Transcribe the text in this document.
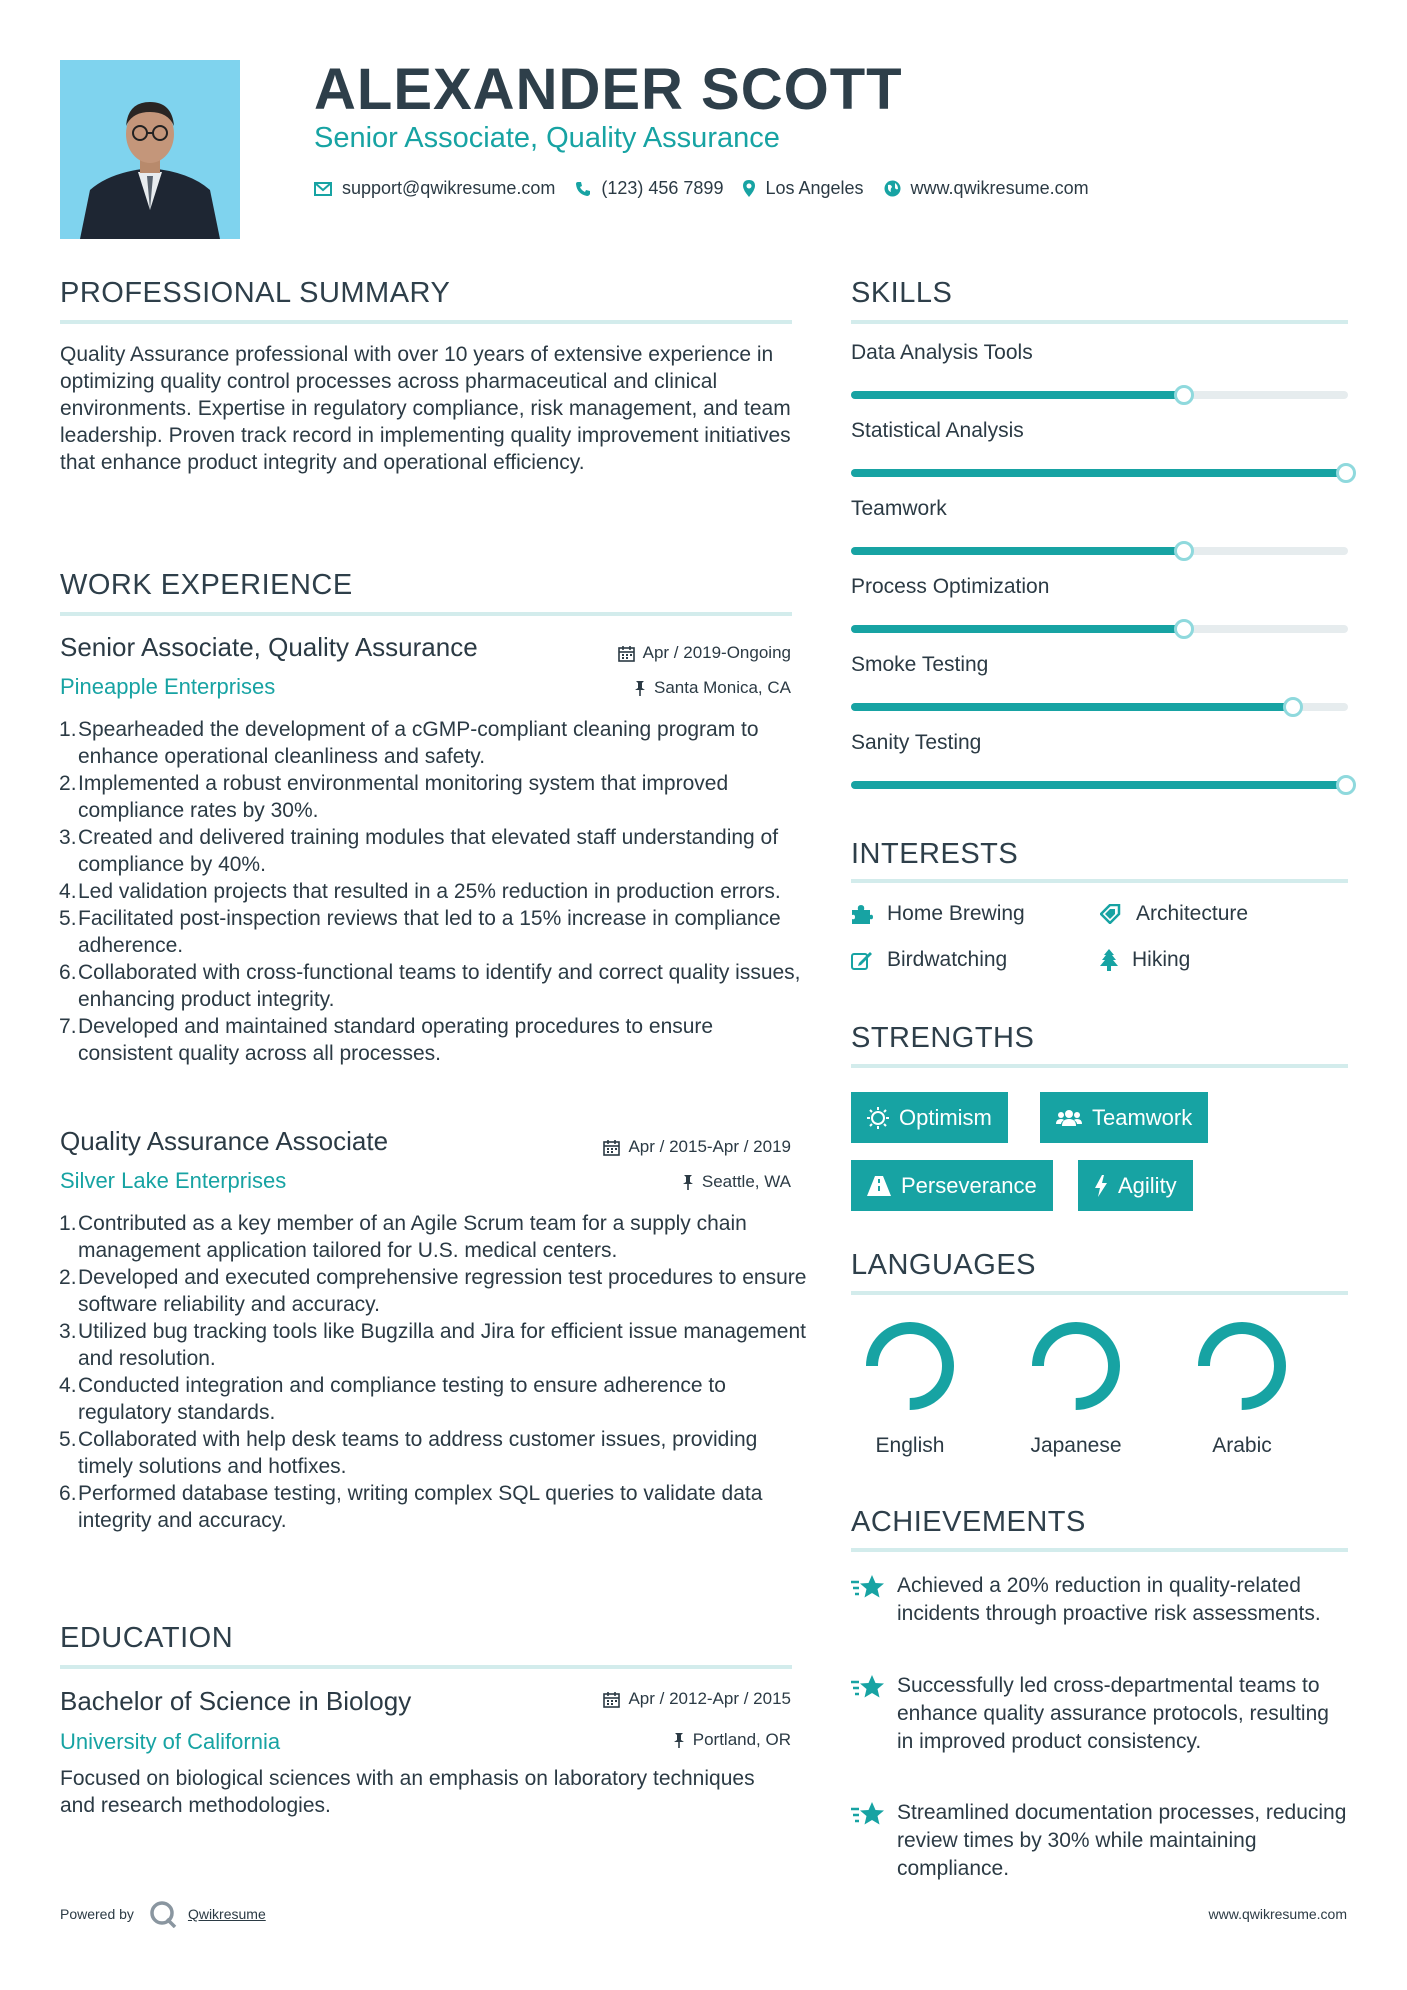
ALEXANDER SCOTT
Senior Associate, Quality Assurance
support@qwikresume.com	(123) 456 7899 Los Angeles	www.qwikresume.com
PROFESSIONAL SUMMARY
Quality Assurance professional with over 10 years of extensive experience in optimizing quality control processes across pharmaceutical and clinical environments. Expertise in regulatory compliance, risk management, and team leadership. Proven track record in implementing quality improvement initiatives that enhance product integrity and operational efficiency.
WORK EXPERIENCE
Senior Associate, Quality Assurance	Apr / 2019-Ongoing
Pineapple Enterprises	Santa Monica, CA
Spearheaded the development of a cGMP-compliant cleaning program to enhance operational cleanliness and safety.
Implemented a robust environmental monitoring system that improved compliance rates by 30%.
Created and delivered training modules that elevated staff understanding of compliance by 40%.
Led validation projects that resulted in a 25% reduction in production errors.
Facilitated post-inspection reviews that led to a 15% increase in compliance adherence.
Collaborated with cross-functional teams to identify and correct quality issues, enhancing product integrity.
Developed and maintained standard operating procedures to ensure consistent quality across all processes.
Quality Assurance Associate	Apr / 2015-Apr / 2019
Silver Lake Enterprises	Seattle, WA
Contributed as a key member of an Agile Scrum team for a supply chain management application tailored for U.S. medical centers.
Developed and executed comprehensive regression test procedures to ensure software reliability and accuracy.
Utilized bug tracking tools like Bugzilla and Jira for efficient issue management and resolution.
Conducted integration and compliance testing to ensure adherence to regulatory standards.
Collaborated with help desk teams to address customer issues, providing timely solutions and hotfixes.
Performed database testing, writing complex SQL queries to validate data integrity and accuracy.
EDUCATION
Bachelor of Science in Biology	Apr / 2012-Apr / 2015
University of California	Portland, OR
Focused on biological sciences with an emphasis on laboratory techniques and research methodologies.
SKILLS
Data Analysis Tools
Statistical Analysis
Teamwork
Process Optimization
Smoke Testing
Sanity Testing
INTERESTS
Home Brewing	Architecture
Birdwatching	Hiking
STRENGTHS
Optimism	Teamwork
Perseverance	Agility
LANGUAGES
English	Japanese	Arabic
ACHIEVEMENTS
Achieved a 20% reduction in quality-related incidents through proactive risk assessments.
Successfully led cross-departmental teams to enhance quality assurance protocols, resulting in improved product consistency.
Streamlined documentation processes, reducing review times by 30% while maintaining compliance.
Powered by	Qwikresume	www.qwikresume.com
